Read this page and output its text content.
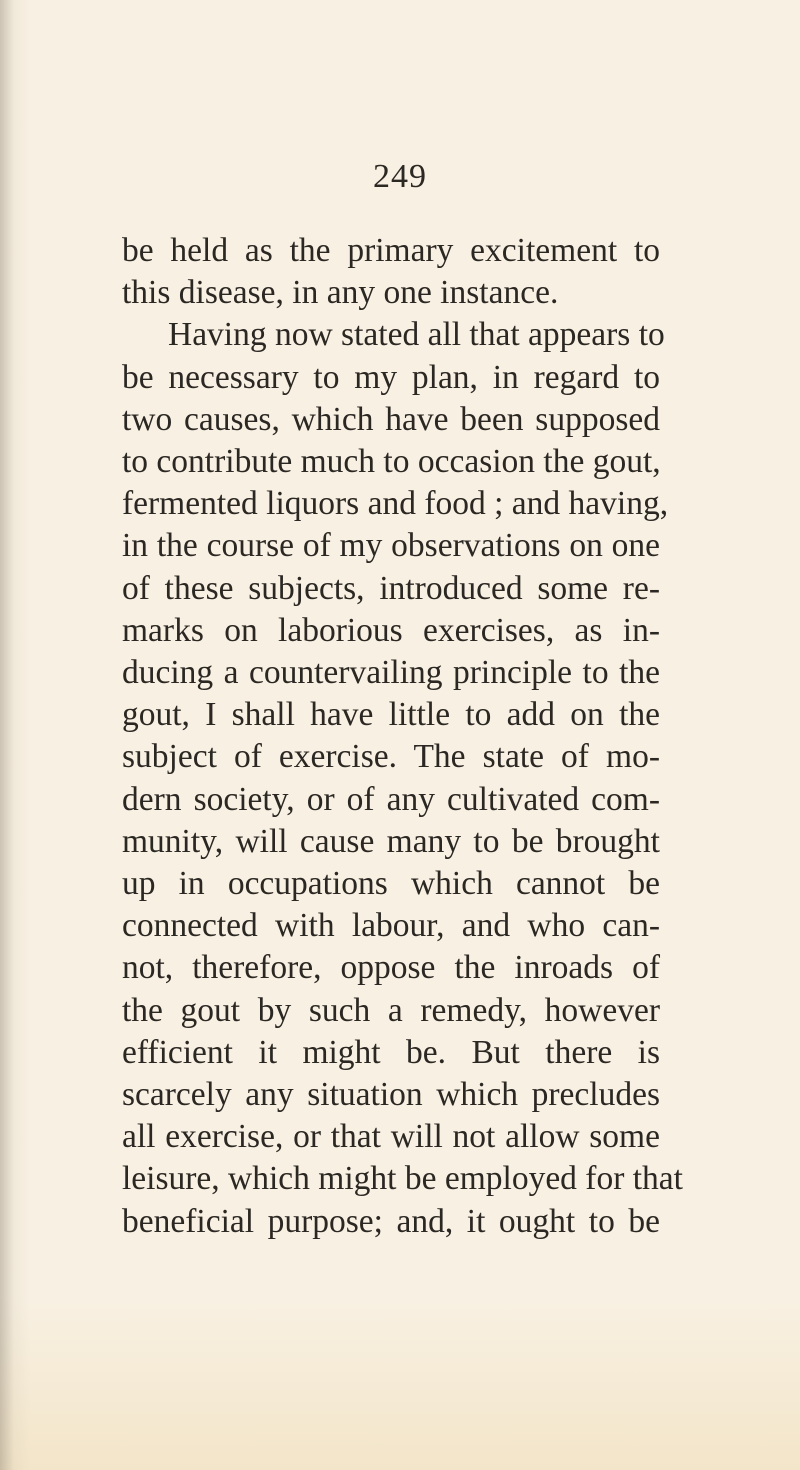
249
be held as the primary excitement to
this disease, in any one instance.
Having now stated all that appears to
be necessary to my plan, in regard to
two causes, which have been supposed
to contribute much to occasion the gout,
fermented liquors and food ; and having,
in the course of my observations on one
of these subjects, introduced some re-
marks on laborious exercises, as in-
ducing a countervailing principle to the
gout, I shall have little to add on the
subject of exercise. The state of mo-
dern society, or of any cultivated com-
munity, will cause many to be brought
up in occupations which cannot be
connected with labour, and who can-
not, therefore, oppose the inroads of
the gout by such a remedy, however
efficient it might be. But there is
scarcely any situation which precludes
all exercise, or that will not allow some
leisure, which might be employed for that
beneficial purpose; and, it ought to be
